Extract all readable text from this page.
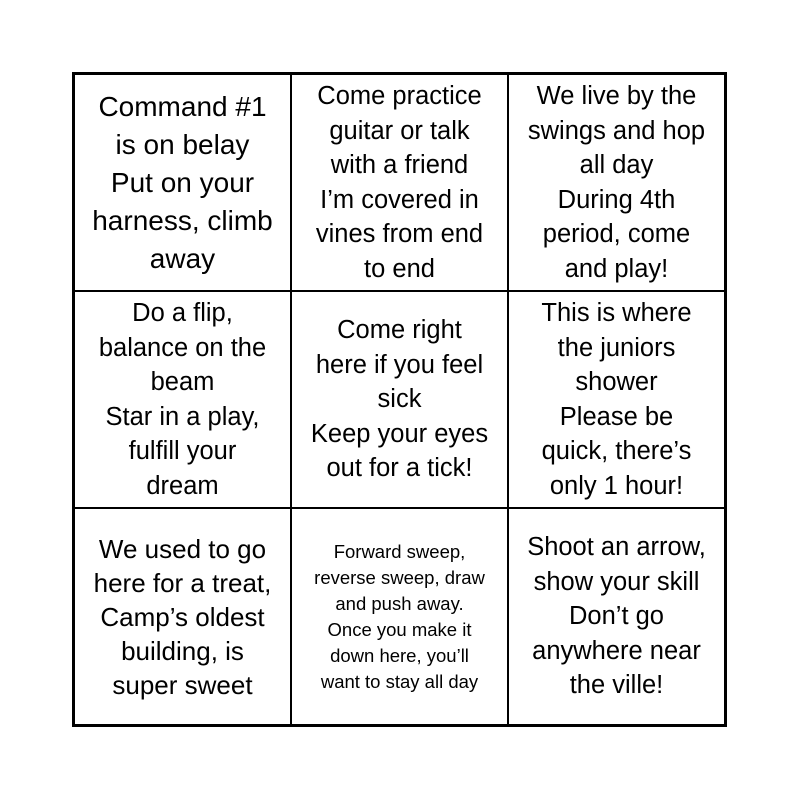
Command #1
is on belay
Put on your
harness, climb
away
Come practice
guitar or talk
with a friend
I’m covered in
vines from end
to end
We live by the
swings and hop
all day
During 4th
period, come
and play!
Do a flip,
balance on the
beam
Star in a play,
fulfill your
dream
Come right
here if you feel
sick
Keep your eyes
out for a tick!
This is where
the juniors
shower
Please be
quick, there’s
only 1 hour!
We used to go
here for a treat,
Camp’s oldest
building, is
super sweet
Forward sweep,
reverse sweep, draw
and push away.
Once you make it
down here, you’ll
want to stay all day
Shoot an arrow,
show your skill
Don’t go
anywhere near
the ville!
